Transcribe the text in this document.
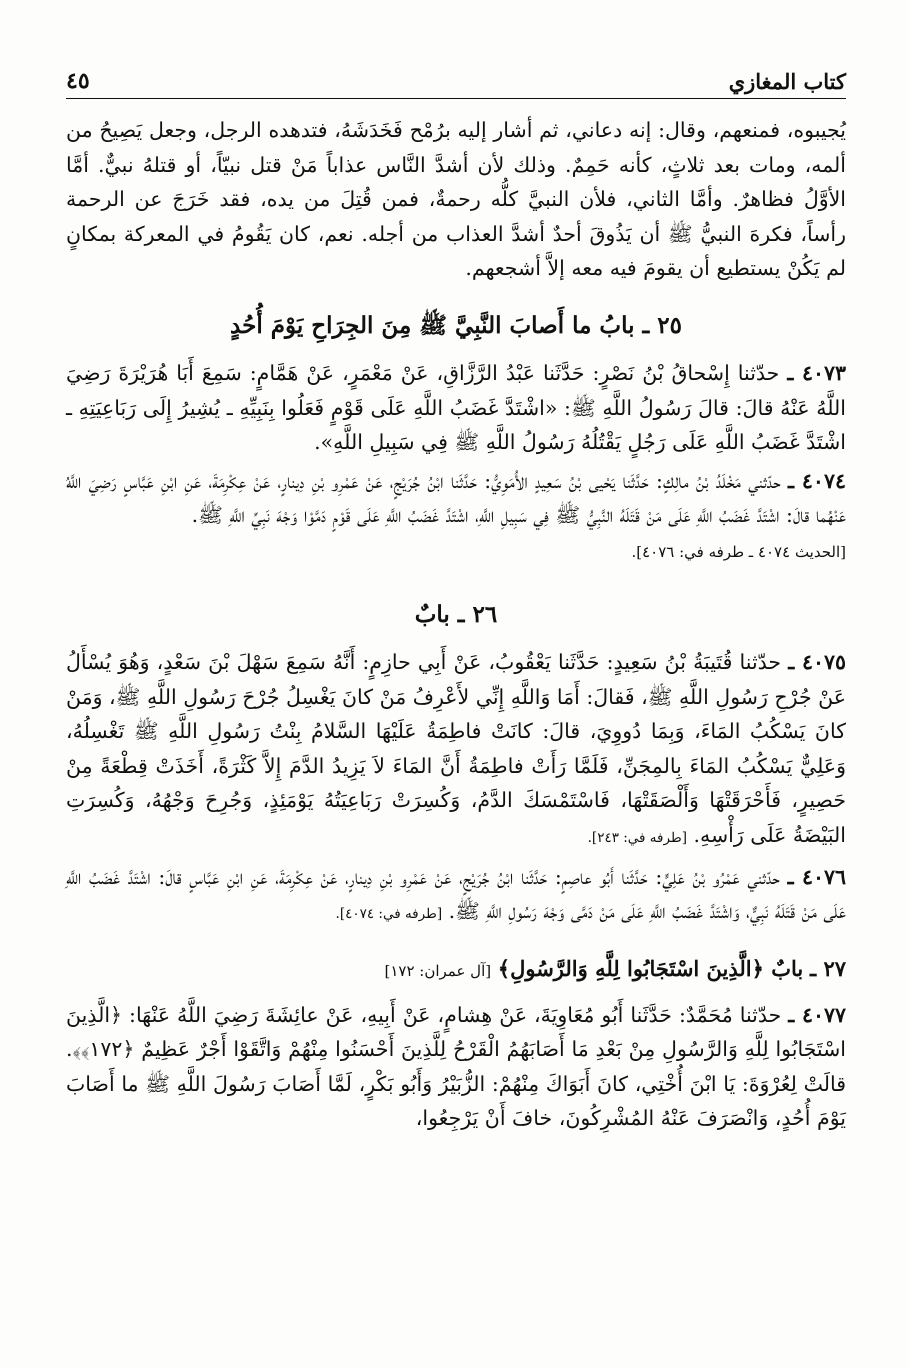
كتاب المغازي
٤٥

يُجيبوه، فمنعهم، وقال: إنه دعاني، ثم أشار إليه برُمْح فَخَدَشَهُ، فتدهده الرجل، وجعل يَصِيحُ من ألمه، ومات بعد ثلاثٍ، كأنه حَمِمٌ. وذلك لأن أشدَّ النَّاس عذاباً مَنْ قتل نبيّاً، أو قتلهُ نبيٌّ. أمَّا الأوَّلُ فظاهرٌ. وأمَّا الثاني، فلأن النبيَّ كلُّه رحمةٌ، فمن قُتِلَ من يده، فقد خَرَجَ عن الرحمة رأساً، فكرهَ النبيُّ ﷺ أن يَذُوقَ أحدٌ أشدَّ العذاب من أجله. نعم، كان يَقُومُ في المعركة بمكانٍ لم يَكُنْ يستطيع أن يقومَ فيه معه إلاَّ أشجعهم.

٢٥ ـ بابُ ما أَصابَ النَّبِيَّ ﷺ مِنَ الجِرَاحِ يَوْمَ أُحُدٍ

٤٠٧٣ ـ حدّثنا إِسْحاقُ بْنُ نَصْرٍ: حَدَّثَنا عَبْدُ الرَّزَّاقِ، عَنْ مَعْمَرٍ، عَنْ هَمَّامٍ: سَمِعَ أَبَا هُرَيْرَةَ رَضِيَ اللَّهُ عَنْهُ قالَ: قالَ رَسُولُ اللَّهِ ﷺ: «اشْتَدَّ غَضَبُ اللَّهِ عَلَى قَوْمٍ فَعَلُوا بِنَبِيِّهِ ـ يُشِيرُ إِلَى رَبَاعِيَتِهِ ـ اشْتَدَّ غَضَبُ اللَّهِ عَلَى رَجُلٍ يَقْتُلُهُ رَسُولُ اللَّهِ ﷺ فِي سَبِيلِ اللَّهِ».

٤٠٧٤ ـ حدّثني مَخْلَدُ بْنُ مالِكٍ: حَدَّثَنا يَحْيى بْنُ سَعِيدٍ الأُمَوِيُّ: حَدَّثَنا ابْنُ جُرَيْجٍ، عَنْ عَمْرِو بْنِ دِينارٍ، عَنْ عِكْرِمَةَ، عَنِ ابْنِ عَبَّاسٍ رَضِيَ اللَّهُ عَنْهُما قالَ: اشْتَدَّ غَضَبُ اللَّهِ عَلَى مَنْ قَتَلَهُ النَّبِيُّ ﷺ فِي سَبِيلِ اللَّهِ، اشْتَدَّ غَضَبُ اللَّهِ عَلَى قَوْمٍ دَمَّوْا وَجْهَ نَبِيِّ اللَّهِ ﷺ.

[الحديث ٤٠٧٤ ـ طرفه في: ٤٠٧٦].
٢٦ ـ بابٌ

٤٠٧٥ ـ حدّثنا قُتَيبَةُ بْنُ سَعِيدٍ: حَدَّثَنا يَعْقُوبُ، عَنْ أَبِي حازِمٍ: أَنَّهُ سَمِعَ سَهْلَ بْنَ سَعْدٍ، وَهُوَ يُسْأَلُ عَنْ جُرْحِ رَسُولِ اللَّهِ ﷺ، فَقالَ: أَمَا وَاللَّهِ إِنِّي لأَعْرِفُ مَنْ كانَ يَغْسِلُ جُرْحَ رَسُولِ اللَّهِ ﷺ، وَمَنْ كانَ يَسْكُبُ المَاءَ، وَبِمَا دُووِيَ، قالَ: كانَتْ فاطِمَةُ عَلَيْهَا السَّلامُ بِنْتُ رَسُولِ اللَّهِ ﷺ تَغْسِلُهُ، وَعَلِيٌّ يَسْكُبُ المَاءَ بِالمِجَنِّ، فَلَمَّا رَأَتْ فاطِمَةُ أَنَّ المَاءَ لاَ يَزِيدُ الدَّمَ إِلاَّ كَثْرَةً، أَخَذَتْ قِطْعَةً مِنْ حَصِيرٍ، فَأَحْرَقَتْهَا وَأَلْصَقَتْهَا، فَاسْتَمْسَكَ الدَّمُ، وَكُسِرَتْ رَبَاعِيَتُهُ يَوْمَئِذٍ، وَجُرِحَ وَجْهُهُ، وَكُسِرَتِ البَيْضَةُ عَلَى رَأْسِهِ. [طرفه في: ٢٤٣].

٤٠٧٦ ـ حدّثني عَمْرُو بْنُ عَلِيٍّ: حَدَّثَنا أَبُو عاصِمٍ: حَدَّثَنا ابْنُ جُرَيْجٍ، عَنْ عَمْرِو بْنِ دِينارٍ، عَنْ عِكْرِمَةَ، عَنِ ابْنِ عَبَّاسٍ قالَ: اشْتَدَّ غَضَبُ اللَّهِ عَلَى مَنْ قَتَلَهُ نَبِيٌّ، وَاشْتَدَّ غَضَبُ اللَّهِ عَلَى مَنْ دَمَّى وَجْهَ رَسُولِ اللَّهِ ﷺ. [طرفه في: ٤٠٧٤].

٢٧ ـ بابٌ ﴿الَّذِينَ اسْتَجَابُوا لِلَّهِ وَالرَّسُولِ﴾ [آل عمران: ١٧٢]

٤٠٧٧ ـ حدّثنا مُحَمَّدٌ: حَدَّثَنا أَبُو مُعَاوِيَةَ، عَنْ هِشامٍ، عَنْ أَبِيهِ، عَنْ عائِشَةَ رَضِيَ اللَّهُ عَنْهَا: ﴿الَّذِينَ اسْتَجَابُوا لِلَّهِ وَالرَّسُولِ مِنْ بَعْدِ مَا أَصَابَهُمُ الْقَرْحُ لِلَّذِينَ أَحْسَنُوا مِنْهُمْ وَاتَّقَوْا أَجْرٌ عَظِيمٌ ﴿١٧٢﴾﴾. قالَتْ لِعُرْوَةَ: يَا ابْنَ أُخْتِي، كانَ أَبَوَاكَ مِنْهُمْ: الزُّبَيْرُ وَأَبُو بَكْرٍ، لَمَّا أَصَابَ رَسُولَ اللَّهِ ﷺ ما أَصَابَ يَوْمَ أُحُدٍ، وَانْصَرَفَ عَنْهُ المُشْرِكُونَ، خافَ أَنْ يَرْجِعُوا،
